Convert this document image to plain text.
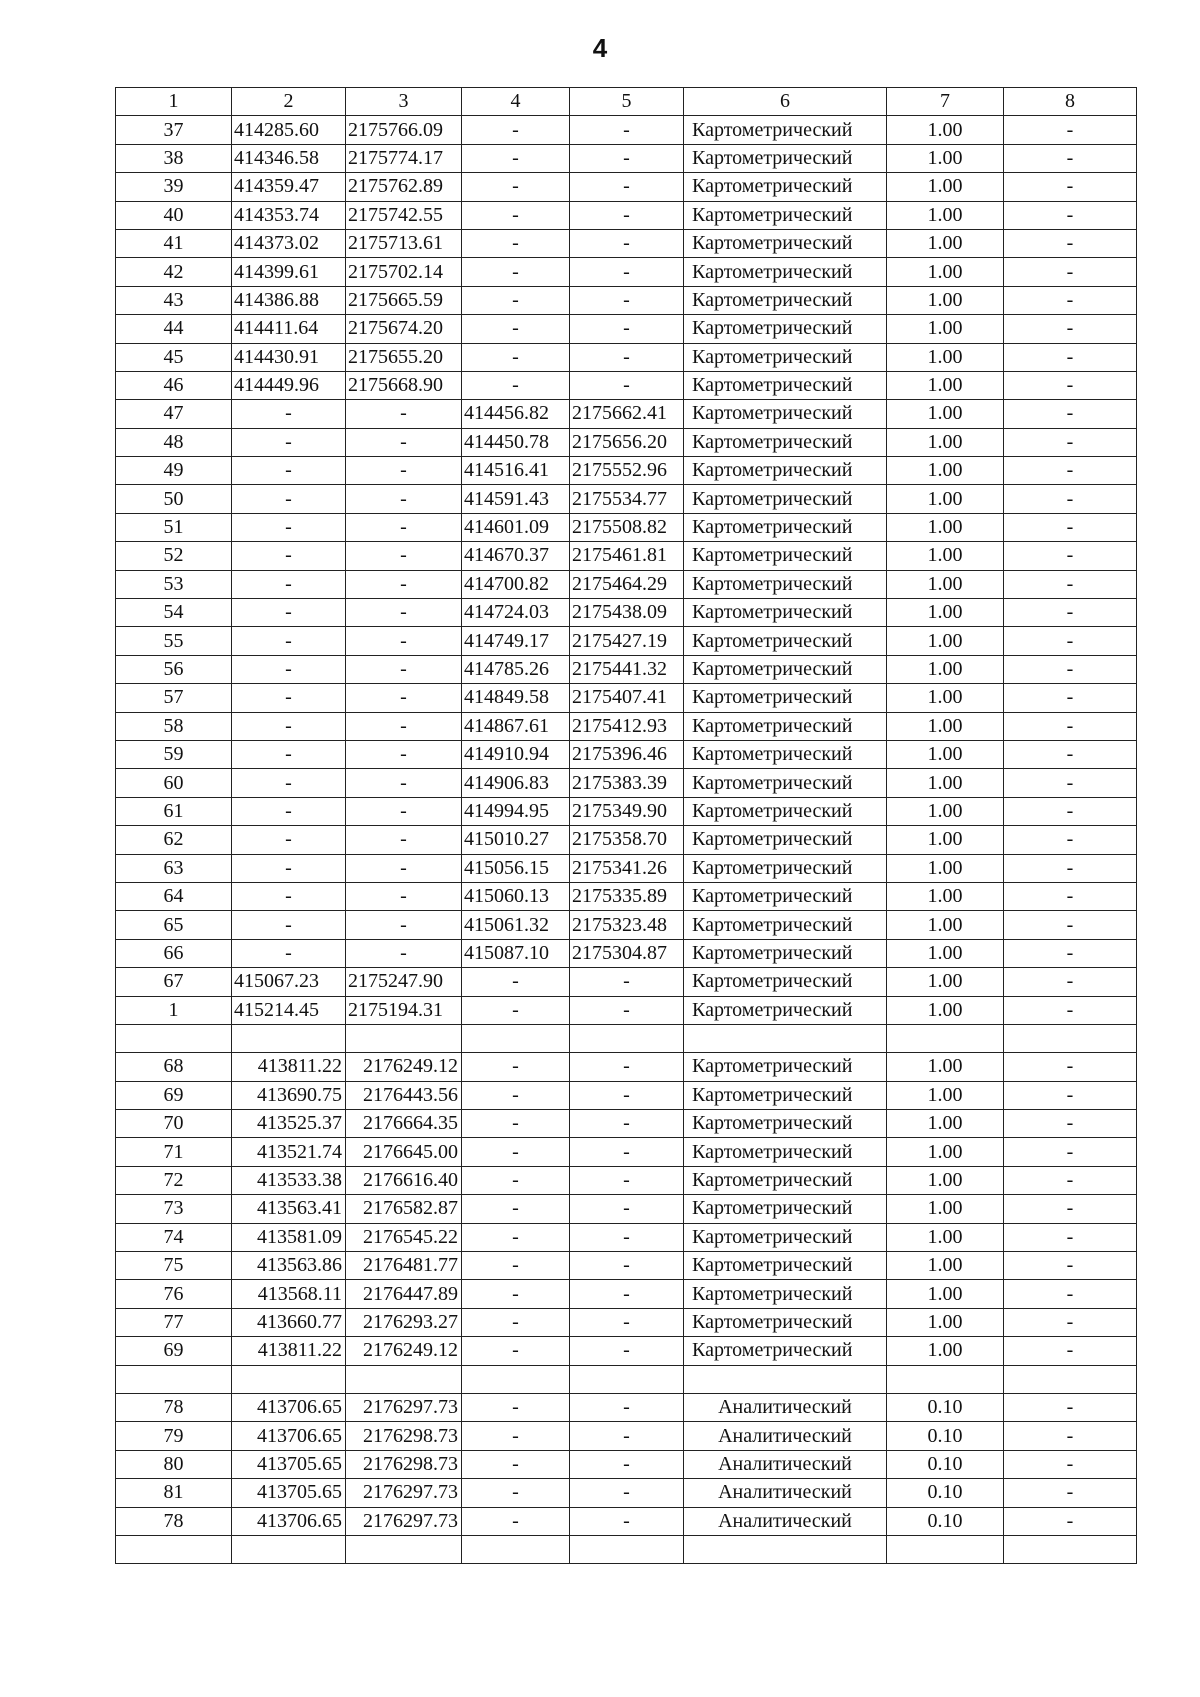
4
1	2	3	4	5	6	7	8
37	414285.60	2175766.09	-	-	Картометрический	1.00	-
38	414346.58	2175774.17	-	-	Картометрический	1.00	-
39	414359.47	2175762.89	-	-	Картометрический	1.00	-
40	414353.74	2175742.55	-	-	Картометрический	1.00	-
41	414373.02	2175713.61	-	-	Картометрический	1.00	-
42	414399.61	2175702.14	-	-	Картометрический	1.00	-
43	414386.88	2175665.59	-	-	Картометрический	1.00	-
44	414411.64	2175674.20	-	-	Картометрический	1.00	-
45	414430.91	2175655.20	-	-	Картометрический	1.00	-
46	414449.96	2175668.90	-	-	Картометрический	1.00	-
47	-	-	414456.82	2175662.41	Картометрический	1.00	-
48	-	-	414450.78	2175656.20	Картометрический	1.00	-
49	-	-	414516.41	2175552.96	Картометрический	1.00	-
50	-	-	414591.43	2175534.77	Картометрический	1.00	-
51	-	-	414601.09	2175508.82	Картометрический	1.00	-
52	-	-	414670.37	2175461.81	Картометрический	1.00	-
53	-	-	414700.82	2175464.29	Картометрический	1.00	-
54	-	-	414724.03	2175438.09	Картометрический	1.00	-
55	-	-	414749.17	2175427.19	Картометрический	1.00	-
56	-	-	414785.26	2175441.32	Картометрический	1.00	-
57	-	-	414849.58	2175407.41	Картометрический	1.00	-
58	-	-	414867.61	2175412.93	Картометрический	1.00	-
59	-	-	414910.94	2175396.46	Картометрический	1.00	-
60	-	-	414906.83	2175383.39	Картометрический	1.00	-
61	-	-	414994.95	2175349.90	Картометрический	1.00	-
62	-	-	415010.27	2175358.70	Картометрический	1.00	-
63	-	-	415056.15	2175341.26	Картометрический	1.00	-
64	-	-	415060.13	2175335.89	Картометрический	1.00	-
65	-	-	415061.32	2175323.48	Картометрический	1.00	-
66	-	-	415087.10	2175304.87	Картометрический	1.00	-
67	415067.23	2175247.90	-	-	Картометрический	1.00	-
1	415214.45	2175194.31	-	-	Картометрический	1.00	-

68	413811.22	2176249.12	-	-	Картометрический	1.00	-
69	413690.75	2176443.56	-	-	Картометрический	1.00	-
70	413525.37	2176664.35	-	-	Картометрический	1.00	-
71	413521.74	2176645.00	-	-	Картометрический	1.00	-
72	413533.38	2176616.40	-	-	Картометрический	1.00	-
73	413563.41	2176582.87	-	-	Картометрический	1.00	-
74	413581.09	2176545.22	-	-	Картометрический	1.00	-
75	413563.86	2176481.77	-	-	Картометрический	1.00	-
76	413568.11	2176447.89	-	-	Картометрический	1.00	-
77	413660.77	2176293.27	-	-	Картометрический	1.00	-
69	413811.22	2176249.12	-	-	Картометрический	1.00	-

78	413706.65	2176297.73	-	-	Аналитический	0.10	-
79	413706.65	2176298.73	-	-	Аналитический	0.10	-
80	413705.65	2176298.73	-	-	Аналитический	0.10	-
81	413705.65	2176297.73	-	-	Аналитический	0.10	-
78	413706.65	2176297.73	-	-	Аналитический	0.10	-
